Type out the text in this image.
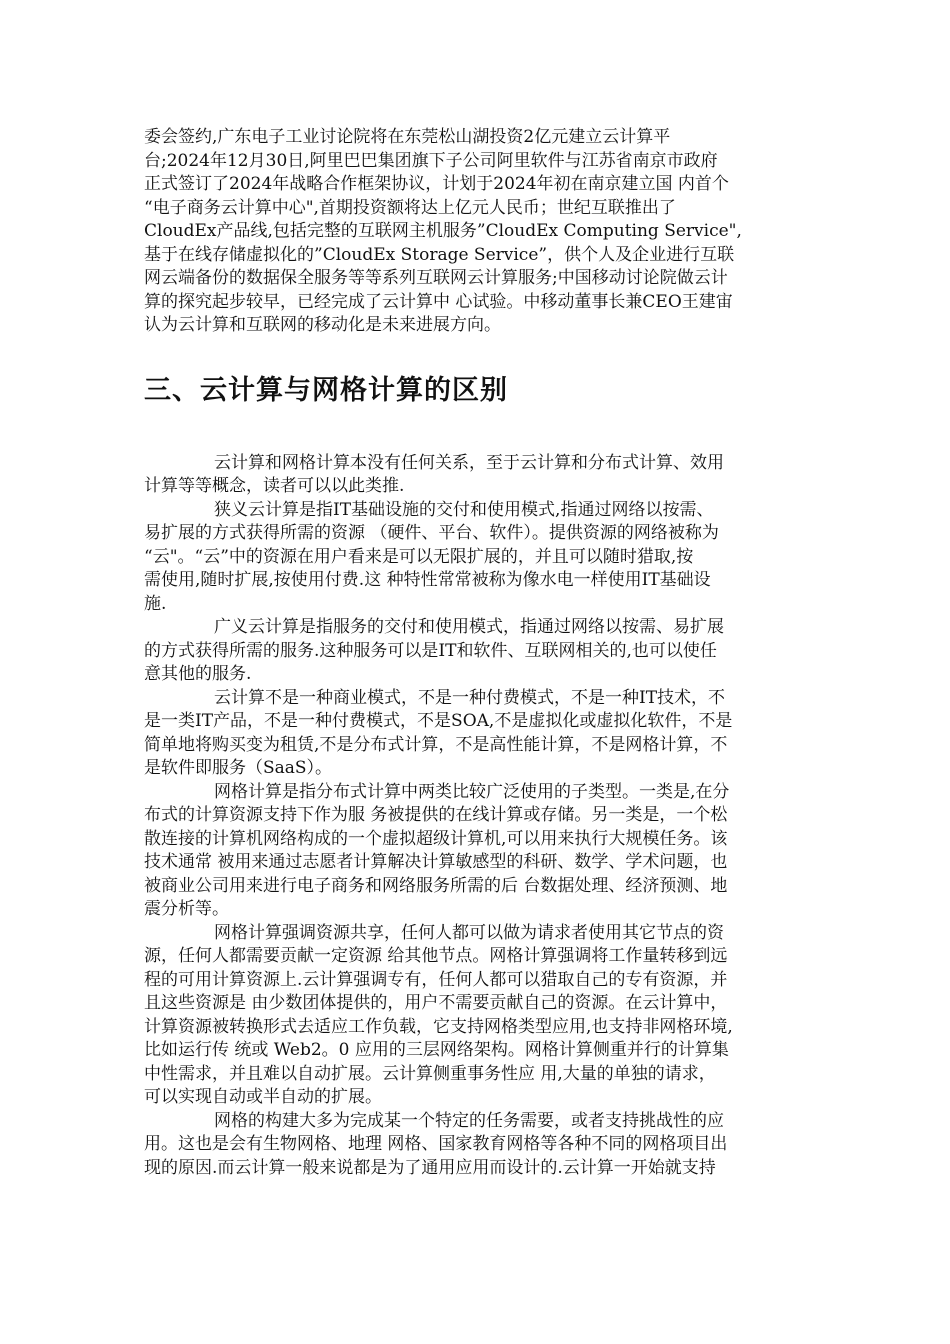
委会签约,广东电子工业讨论院将在东莞松山湖投资2亿元建立云计算平
台;2024年12月30日,阿里巴巴集团旗下子公司阿里软件与江苏省南京市政府
正式签订了2024年战略合作框架协议，计划于2024年初在南京建立国 内首个
“电子商务云计算中心",首期投资额将达上亿元人民币；世纪互联推出了
CloudEx产品线,包括完整的互联网主机服务”CloudEx Computing Service",
基于在线存储虚拟化的”CloudEx Storage Service”，供个人及企业进行互联
网云端备份的数据保全服务等等系列互联网云计算服务;中国移动讨论院做云计
算的探究起步较早，已经完成了云计算中 心试验。中移动董事长兼CEO王建宙
认为云计算和互联网的移动化是未来进展方向。
三、云计算与网格计算的区别
云计算和网格计算本没有任何关系，至于云计算和分布式计算、效用
计算等等概念，读者可以以此类推.
狭义云计算是指IT基础设施的交付和使用模式,指通过网络以按需、
易扩展的方式获得所需的资源 （硬件、平台、软件）。提供资源的网络被称为
“云"。“云”中的资源在用户看来是可以无限扩展的，并且可以随时猎取,按
需使用,随时扩展,按使用付费.这 种特性常常被称为像水电一样使用IT基础设
施.
广义云计算是指服务的交付和使用模式，指通过网络以按需、易扩展
的方式获得所需的服务.这种服务可以是IT和软件、互联网相关的,也可以使任
意其他的服务.
云计算不是一种商业模式，不是一种付费模式，不是一种IT技术，不
是一类IT产品，不是一种付费模式，不是SOA,不是虚拟化或虚拟化软件，不是
简单地将购买变为租赁,不是分布式计算，不是高性能计算，不是网格计算，不
是软件即服务（SaaS）。
网格计算是指分布式计算中两类比较广泛使用的子类型。一类是,在分
布式的计算资源支持下作为服 务被提供的在线计算或存储。另一类是，一个松
散连接的计算机网络构成的一个虚拟超级计算机,可以用来执行大规模任务。该
技术通常 被用来通过志愿者计算解决计算敏感型的科研、数学、学术问题，也
被商业公司用来进行电子商务和网络服务所需的后 台数据处理、经济预测、地
震分析等。
网格计算强调资源共享，任何人都可以做为请求者使用其它节点的资
源，任何人都需要贡献一定资源 给其他节点。网格计算强调将工作量转移到远
程的可用计算资源上.云计算强调专有，任何人都可以猎取自己的专有资源，并
且这些资源是 由少数团体提供的，用户不需要贡献自己的资源。在云计算中，
计算资源被转换形式去适应工作负载，它支持网格类型应用,也支持非网格环境,
比如运行传 统或 Web2。0 应用的三层网络架构。网格计算侧重并行的计算集
中性需求，并且难以自动扩展。云计算侧重事务性应 用,大量的单独的请求，
可以实现自动或半自动的扩展。
网格的构建大多为完成某一个特定的任务需要，或者支持挑战性的应
用。这也是会有生物网格、地理 网格、国家教育网格等各种不同的网格项目出
现的原因.而云计算一般来说都是为了通用应用而设计的.云计算一开始就支持
